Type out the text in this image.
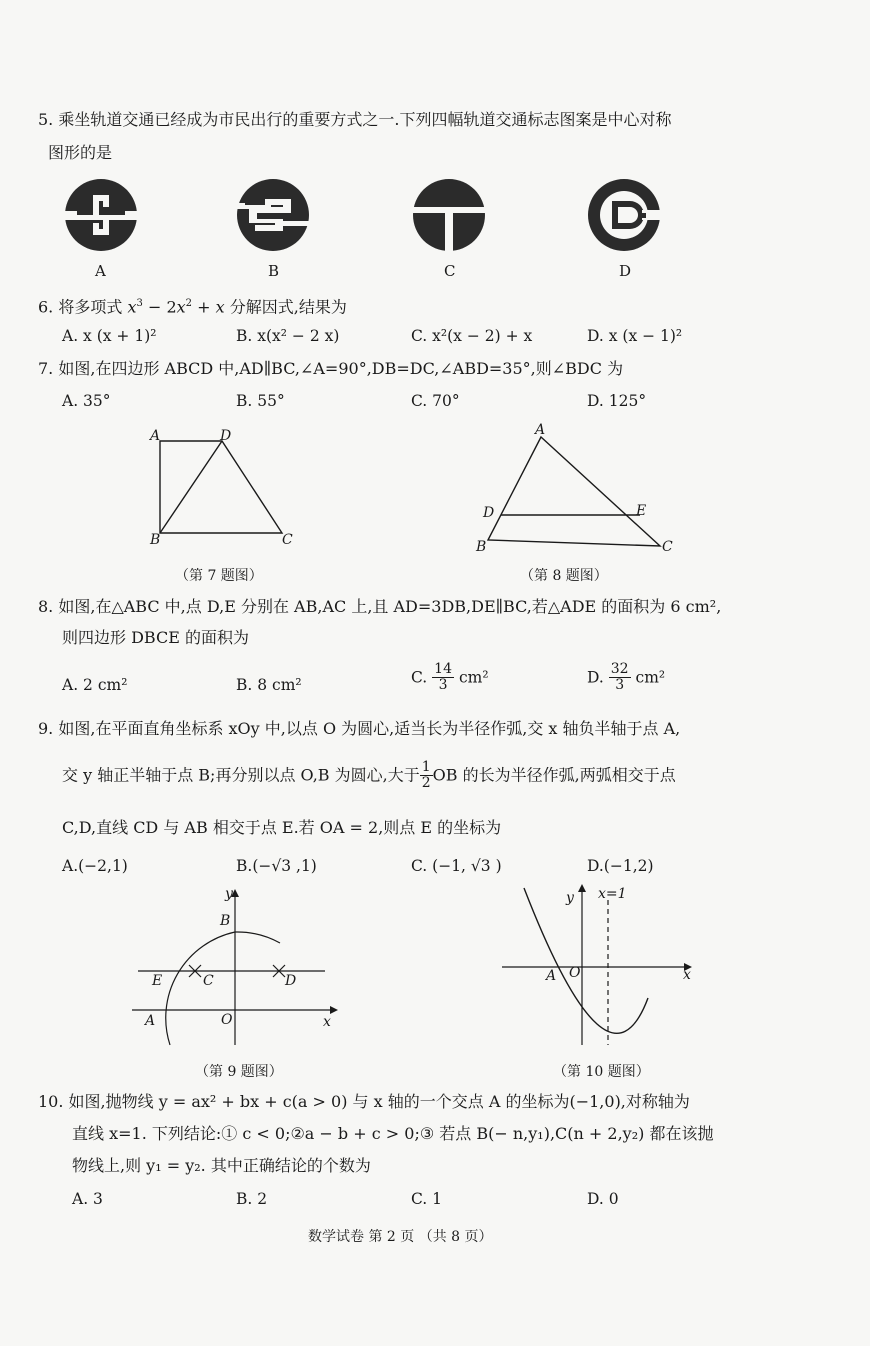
5. 乘坐轨道交通已经成为市民出行的重要方式之一.下列四幅轨道交通标志图案是中心对称
图形的是
A	B	C	D
6. 将多项式 $x^3 - 2x^2 + x$ 分解因式,结果为
A. x (x + 1)²	B. x(x² − 2 x)	C. x²(x − 2) + x	D. x (x − 1)²
7. 如图,在四边形 ABCD 中,AD∥BC,∠A=90°,DB=DC,∠ABD=35°,则∠BDC 为
A. 35°	B. 55°	C. 70°	D. 125°
A	D
B	C
（第 7 题图）
A
D	E
B	C
（第 8 题图）
8. 如图,在△ABC 中,点 D,E 分别在 AB,AC 上,且 AD=3DB,DE∥BC,若△ADE 的面积为 6 cm²,
则四边形 DBCE 的面积为
A. 2 cm²	B. 8 cm²	C. $\frac{14}{3} cm^2$	D. $\frac{32}{3} cm^2$
9. 如图,在平面直角坐标系 xOy 中,以点 O 为圆心,适当长为半径作弧,交 x 轴负半轴于点 A,
交 y 轴正半轴于点 B;再分别以点 O,B 为圆心,大于 $\frac{1}{2}$ OB 的长为半径作弧,两弧相交于点
C,D,直线 CD 与 AB 相交于点 E.若 OA = 2,则点 E 的坐标为
A.(−2,1)	B.(−√3 ,1)	C. (−1, √3 )	D.(−1,2)
y
B
E	C	D
A	O	x
（第 9 题图）
y x=1
A O	x
（第 10 题图）
10. 如图,抛物线 y = ax² + bx + c(a > 0) 与 x 轴的一个交点 A 的坐标为(−1,0),对称轴为
直线 x=1. 下列结论:① c < 0;②a − b + c > 0;③ 若点 B(− n,y₁),C(n + 2,y₂) 都在该抛
物线上,则 y₁ = y₂. 其中正确结论的个数为
A. 3	B. 2	C. 1	D. 0
数学试卷 第 2 页 （共 8 页）
